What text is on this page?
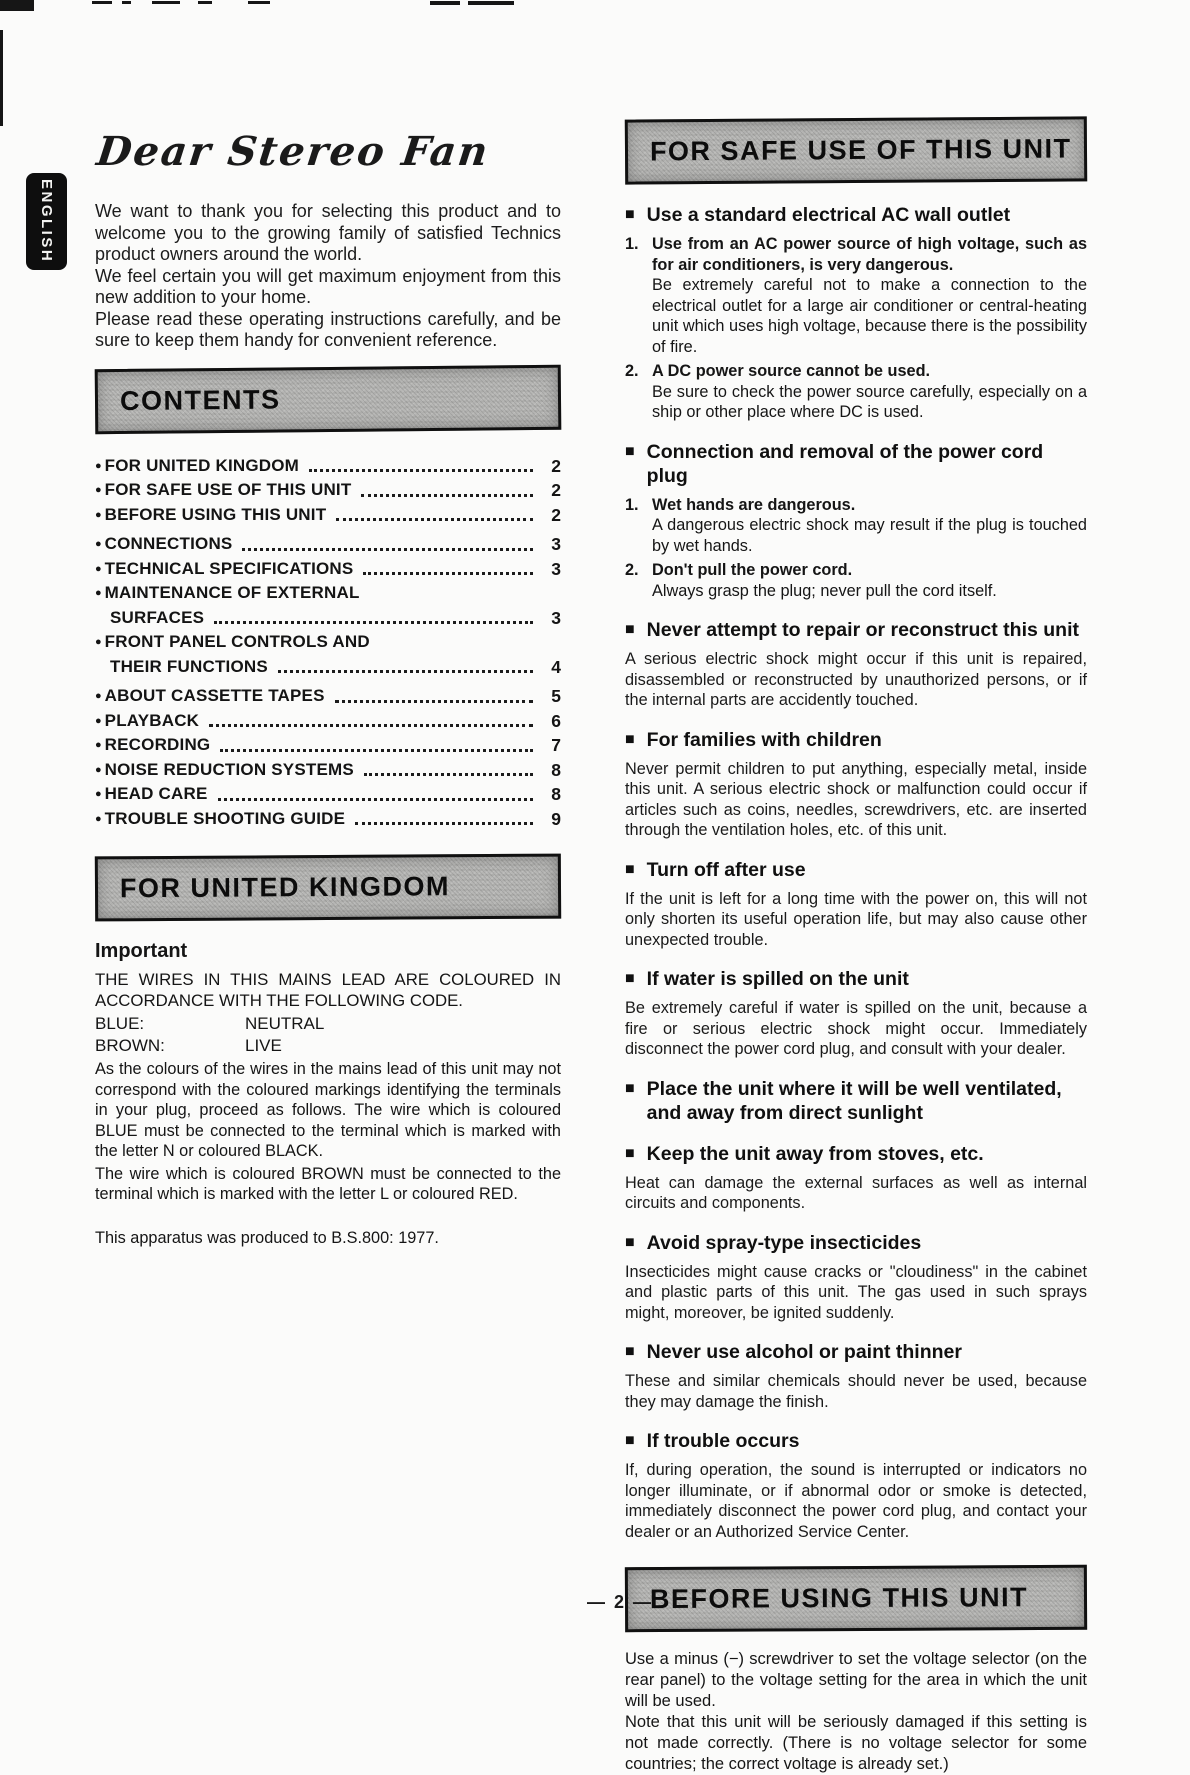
ENGLISH
Dear Stereo Fan

We want to thank you for selecting this product and to welcome you to the growing family of satisfied Technics product owners around the world.

We feel certain you will get maximum enjoyment from this new addition to your home.

Please read these operating instructions carefully, and be sure to keep them handy for convenient reference.

CONTENTS
● FOR UNITED KINGDOM	2
● FOR SAFE USE OF THIS UNIT	2
● BEFORE USING THIS UNIT	2
● CONNECTIONS	3
● TECHNICAL SPECIFICATIONS	3
● MAINTENANCE OF EXTERNAL
SURFACES	3
● FRONT PANEL CONTROLS AND
THEIR FUNCTIONS	4
● ABOUT CASSETTE TAPES	5
● PLAYBACK	6
● RECORDING	7
● NOISE REDUCTION SYSTEMS	8
● HEAD CARE	8
● TROUBLE SHOOTING GUIDE	9
FOR UNITED KINGDOM
Important

THE WIRES IN THIS MAINS LEAD ARE COLOURED IN ACCORDANCE WITH THE FOLLOWING CODE.

BLUE:	NEUTRAL
BROWN:	LIVE

As the colours of the wires in the mains lead of this unit may not correspond with the coloured markings identifying the terminals in your plug, proceed as follows. The wire which is coloured BLUE must be connected to the terminal which is marked with the letter N or coloured BLACK.

The wire which is coloured BROWN must be connected to the terminal which is marked with the letter L or coloured RED.

This apparatus was produced to B.S.800: 1977.
FOR SAFE USE OF THIS UNIT
■ Use a standard electrical AC wall outlet
1. Use from an AC power source of high voltage, such as for air conditioners, is very dangerous.
Be extremely careful not to make a connection to the electrical outlet for a large air conditioner or central-heating unit which uses high voltage, because there is the possibility of fire.
2. A DC power source cannot be used.
Be sure to check the power source carefully, especially on a ship or other place where DC is used.
■ Connection and removal of the power cord plug
1. Wet hands are dangerous.
A dangerous electric shock may result if the plug is touched by wet hands.
2. Don't pull the power cord.
Always grasp the plug; never pull the cord itself.
■ Never attempt to repair or reconstruct this unit

A serious electric shock might occur if this unit is repaired, disassembled or reconstructed by unauthorized persons, or if the internal parts are accidently touched.

■ For families with children

Never permit children to put anything, especially metal, inside this unit. A serious electric shock or malfunction could occur if articles such as coins, needles, screwdrivers, etc. are inserted through the ventilation holes, etc. of this unit.

■ Turn off after use

If the unit is left for a long time with the power on, this will not only shorten its useful operation life, but may also cause other unexpected trouble.

■ If water is spilled on the unit

Be extremely careful if water is spilled on the unit, because a fire or serious electric shock might occur. Immediately disconnect the power cord plug, and consult with your dealer.

■ Place the unit where it will be well ventilated, and away from direct sunlight
■ Keep the unit away from stoves, etc.

Heat can damage the external surfaces as well as internal circuits and components.

■ Avoid spray-type insecticides

Insecticides might cause cracks or "cloudiness" in the cabinet and plastic parts of this unit. The gas used in such sprays might, moreover, be ignited suddenly.

■ Never use alcohol or paint thinner

These and similar chemicals should never be used, because they may damage the finish.

■ If trouble occurs

If, during operation, the sound is interrupted or indicators no longer illuminate, or if abnormal odor or smoke is detected, immediately disconnect the power cord plug, and contact your dealer or an Authorized Service Center.

BEFORE USING THIS UNIT

Use a minus (−) screwdriver to set the voltage selector (on the rear panel) to the voltage setting for the area in which the unit will be used.

Note that this unit will be seriously damaged if this setting is not made correctly. (There is no voltage selector for some countries; the correct voltage is already set.)

— 2 —
